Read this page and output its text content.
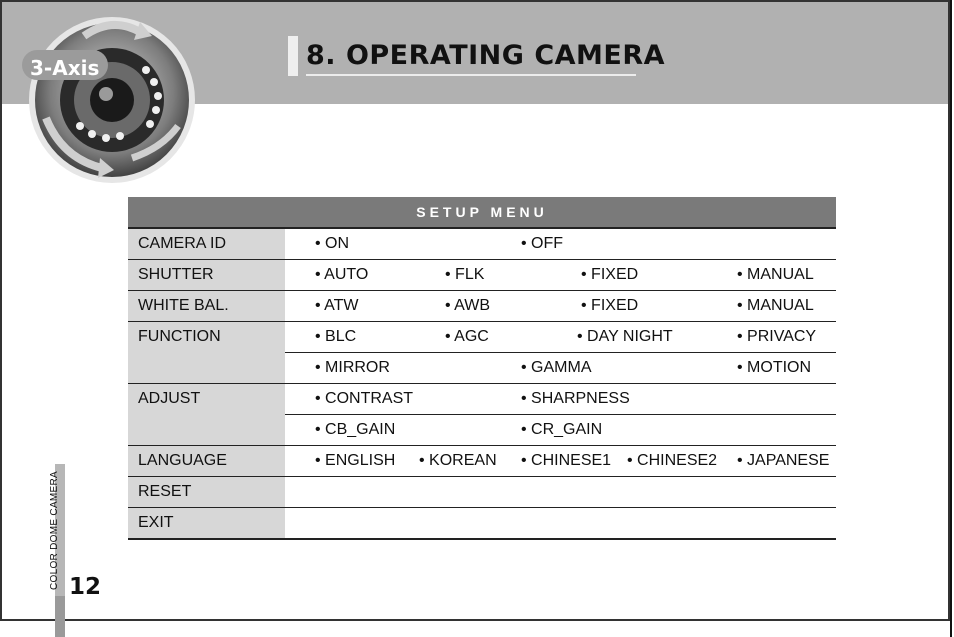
3-Axis	8. OPERATING CAMERA
SETUP MENU	
CAMERA ID	• ON • OFF

SHUTTER	• AUTO • FLK • FIXED • MANUAL

WHITE BAL.	• ATW • AWB • FIXED • MANUAL

FUNCTION	• BLC • AGC • DAY NIGHT • PRIVACY

	• MIRROR • GAMMA • MOTION

ADJUST	• CONTRAST • SHARPNESS

	• CB_GAIN • CR_GAIN

LANGUAGE	• ENGLISH • KOREAN • CHINESE1 • CHINESE2 • JAPANESE

RESET	

EXIT	
COLOR DOME CAMERA 12
